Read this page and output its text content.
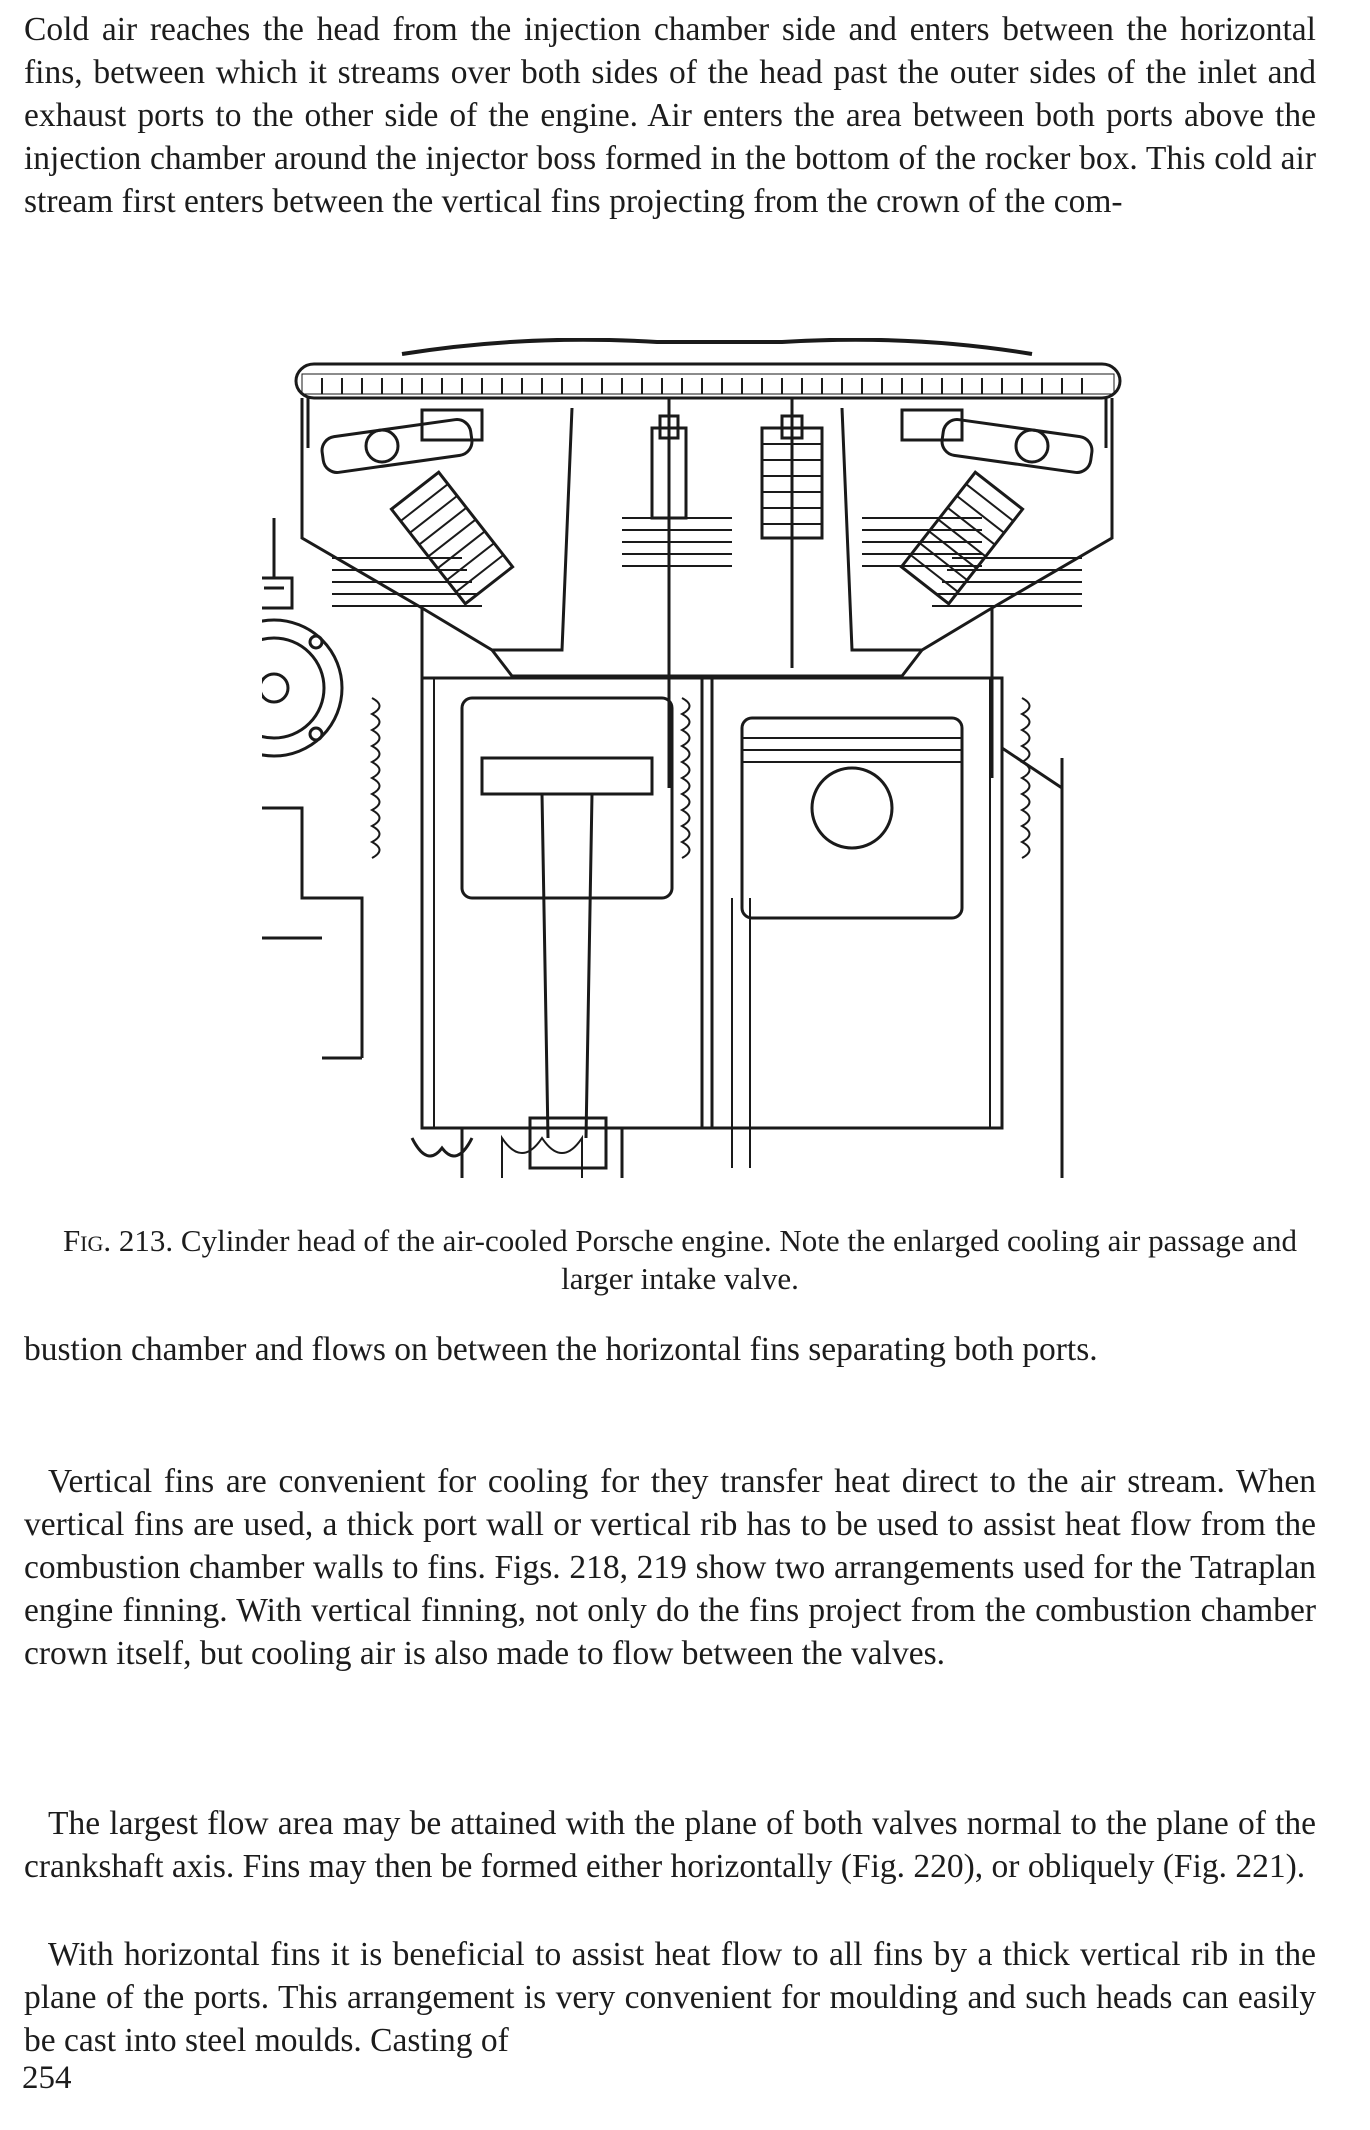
Cold air reaches the head from the injection chamber side and enters between the horizontal fins, between which it streams over both sides of the head past the outer sides of the inlet and exhaust ports to the other side of the engine. Air enters the area between both ports above the injection chamber around the injector boss formed in the bottom of the rocker box. This cold air stream first enters between the vertical fins projecting from the crown of the com-

Fig. 213. Cylinder head of the air-cooled Porsche engine. Note the enlarged cooling air passage and larger intake valve.

bustion chamber and flows on between the horizontal fins separating both ports.

Vertical fins are convenient for cooling for they transfer heat direct to the air stream. When vertical fins are used, a thick port wall or vertical rib has to be used to assist heat flow from the combustion chamber walls to fins. Figs. 218, 219 show two arrangements used for the Tatraplan engine finning. With vertical finning, not only do the fins project from the combustion chamber crown itself, but cooling air is also made to flow between the valves.

The largest flow area may be attained with the plane of both valves normal to the plane of the crankshaft axis. Fins may then be formed either horizontally (Fig. 220), or obliquely (Fig. 221).

With horizontal fins it is beneficial to assist heat flow to all fins by a thick vertical rib in the plane of the ports. This arrangement is very convenient for moulding and such heads can easily be cast into steel moulds. Casting of

254
